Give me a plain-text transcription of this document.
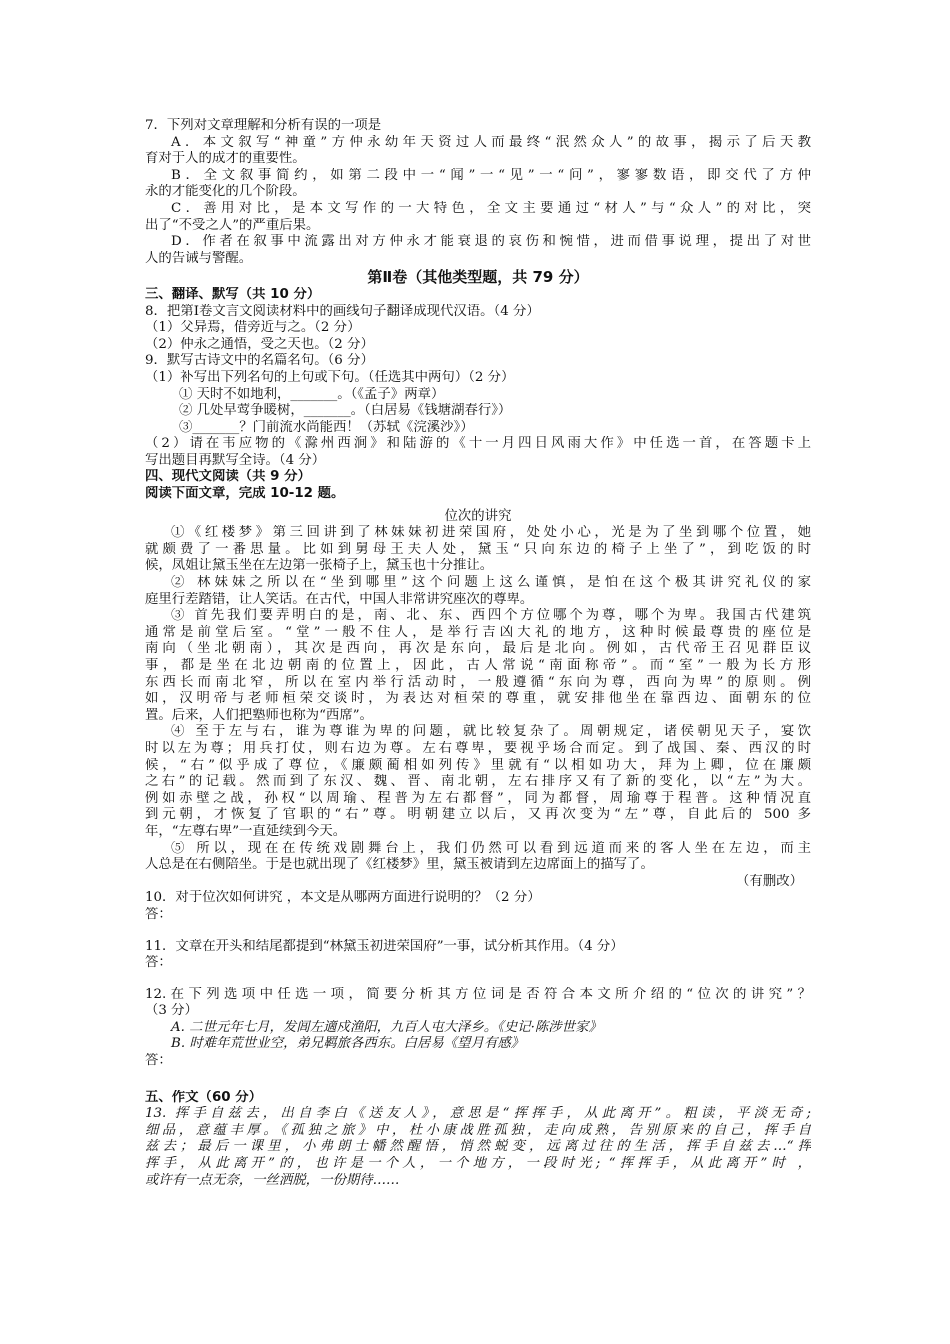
7．下列对文章理解和分析有误的一项是
A．本文叙写“神童”方仲永幼年天资过人而最终“泯然众人”的故事，揭示了后天教
育对于人的成才的重要性。
B．全文叙事简约，如第二段中一“闻”一“见”一“问”，寥寥数语，即交代了方仲
永的才能变化的几个阶段。
C．善用对比，是本文写作的一大特色，全文主要通过“材人”与“众人”的对比，突
出了“不受之人”的严重后果。
D．作者在叙事中流露出对方仲永才能衰退的哀伤和惋惜，进而借事说理，提出了对世
人的告诫与警醒。
第Ⅱ卷（其他类型题，共 79 分）
三、翻译、默写（共 10 分）
8．把第Ⅰ卷文言文阅读材料中的画线句子翻译成现代汉语。（4 分）
（1）父异焉，借旁近与之。（2 分）
（2）仲永之通悟，受之天也。（2 分）
9．默写古诗文中的名篇名句。（6 分）
（1）补写出下列名句的上句或下句。（任选其中两句）（2 分）
① 天时不如地利，_______。（《孟子》两章）
② 几处早莺争暖树，_______。（白居易《钱塘湖春行》）
③_______？门前流水尚能西！（苏轼《浣溪沙》）
（2）请在韦应物的《滁州西涧》和陆游的《十一月四日风雨大作》中任选一首，在答题卡上
写出题目再默写全诗。（4 分）
四、现代文阅读（共 9 分）
阅读下面文章，完成 10-12 题。
位次的讲究
①《红楼梦》第三回讲到了林妹妹初进荣国府，处处小心，光是为了坐到哪个位置，她
就颇费了一番思量。比如到舅母王夫人处，黛玉“只向东边的椅子上坐了”，到吃饭的时
候，凤姐让黛玉坐在左边第一张椅子上，黛玉也十分推让。
② 林妹妹之所以在“坐到哪里”这个问题上这么谨慎，是怕在这个极其讲究礼仪的家
庭里行差踏错，让人笑话。在古代，中国人非常讲究座次的尊卑。
③ 首先我们要弄明白的是，南、北、东、西四个方位哪个为尊，哪个为卑。我国古代建筑
通常是前堂后室。“堂”一般不住人，是举行吉凶大礼的地方，这种时候最尊贵的座位是
南向（坐北朝南），其次是西向，再次是东向，最后是北向。例如，古代帝王召见群臣议
事，都是坐在北边朝南的位置上，因此，古人常说“南面称帝”。而“室”一般为长方形
东西长而南北窄，所以在室内举行活动时，一般遵循“东向为尊，西向为卑”的原则。例
如，汉明帝与老师桓荣交谈时，为表达对桓荣的尊重，就安排他坐在靠西边、面朝东的位
置。后来，人们把塾师也称为“西席”。
④ 至于左与右，谁为尊谁为卑的问题，就比较复杂了。周朝规定，诸侯朝见天子，宴饮
时以左为尊；用兵打仗，则右边为尊。左右尊卑，要视乎场合而定。到了战国、秦、西汉的时
候，“右”似乎成了尊位，《廉颇蔺相如列传》里就有“以相如功大，拜为上卿，位在廉颇
之右”的记载。然而到了东汉、魏、晋、南北朝，左右排序又有了新的变化，以“左”为大。
例如赤壁之战，孙权“以周瑜、程普为左右都督”，同为都督，周瑜尊于程普。这种情况直
到元朝，才恢复了官职的“右”尊。明朝建立以后，又再次变为“左”尊，自此后的 500 多
年，“左尊右卑”一直延续到今天。
⑤ 所以，现在在传统戏剧舞台上，我们仍然可以看到远道而来的客人坐在左边，而主
人总是在右侧陪坐。于是也就出现了《红楼梦》里，黛玉被请到左边席面上的描写了。
（有删改）
10．对于位次如何讲究 ，本文是从哪两方面进行说明的？（2 分）
答：
11．文章在开头和结尾都提到“林黛玉初进荣国府”一事，试分析其作用。（4 分）
答：
12.在下列选项中任选一项，简要分析其方位词是否符合本文所介绍的“位次的讲究”？
（3 分）
A. 二世元年七月，发闾左適戍渔阳，九百人屯大泽乡。《史记·陈涉世家》
B. 时难年荒世业空，弟兄羁旅各西东。白居易《望月有感》
答：
五、作文（60 分）
13. 挥手自兹去，出自李白《送友人》，意思是“挥挥手，从此离开”。粗读，平淡无奇;
细品，意蕴丰厚。《孤独之旅》中，杜小康战胜孤独，走向成熟，告别原来的自己，挥手自
兹去；最后一课里，小弗朗士幡然醒悟，悄然蜕变，远离过往的生活，挥手自兹去…“挥
挥手，从此离开”的，也许是一个人，一个地方，一段时光; “挥挥手，从此离开”时 ，
或许有一点无奈，一丝洒脱，一份期待……
